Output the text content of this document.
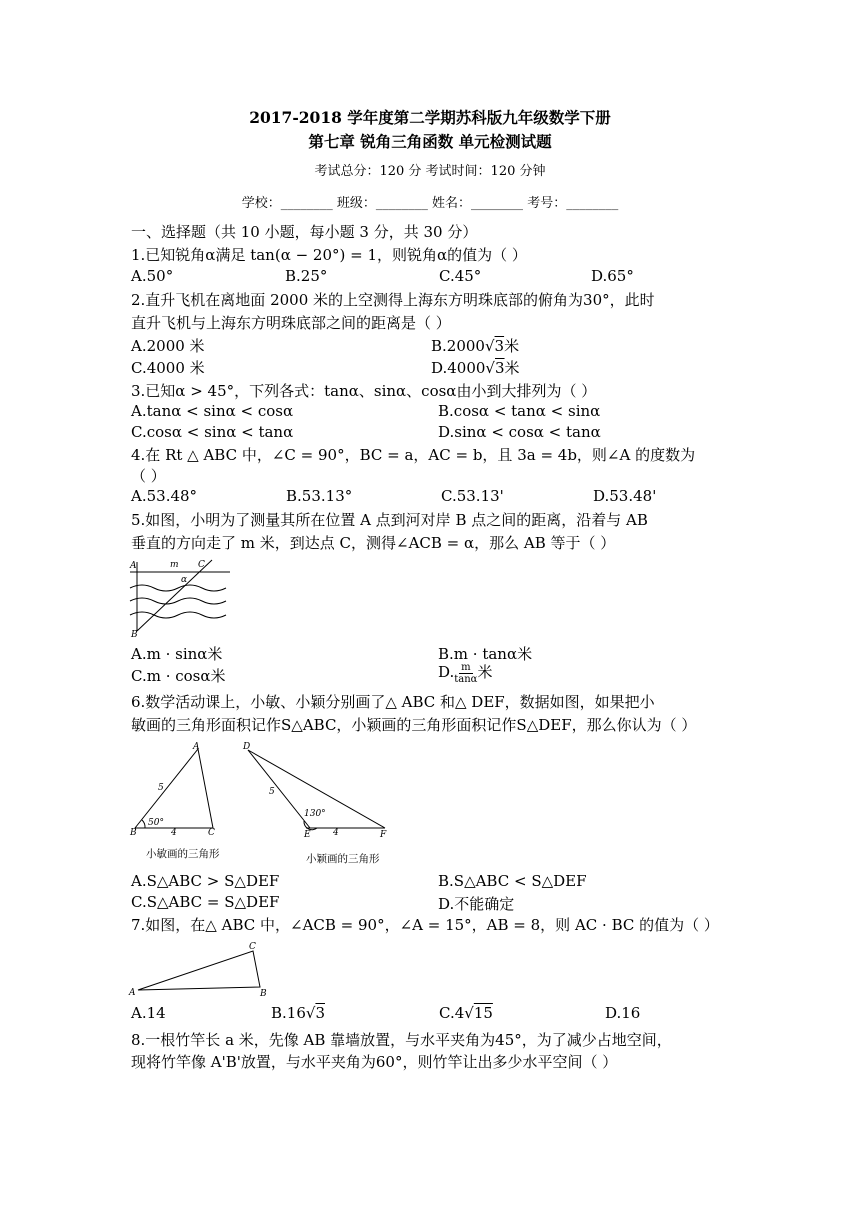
2017-2018 学年度第二学期苏科版九年级数学下册
第七章 锐角三角函数 单元检测试题
考试总分：120 分 考试时间：120 分钟
学校：________ 班级：________ 姓名：________ 考号：________
一、选择题（共 10 小题，每小题 3 分，共 30 分）
1.已知锐角α满足 tan(α − 20°) = 1，则锐角α的值为（ ）
A.50°	B.25°	C.45°	D.65°
2.直升飞机在离地面 2000 米的上空测得上海东方明珠底部的俯角为30°，此时
直升飞机与上海东方明珠底部之间的距离是（ ）
A.2000 米	B.2000√3米
C.4000 米	D.4000√3米
3.已知α > 45°，下列各式：tanα、sinα、cosα由小到大排列为（ ）
A.tanα < sinα < cosα	B.cosα < tanα < sinα
C.cosα < sinα < tanα	D.sinα < cosα < tanα
4.在 Rt △ ABC 中，∠C = 90°，BC = a，AC = b，且 3a = 4b，则∠A 的度数为
（ ）
A.53.48°	B.53.13°	C.53.13'	D.53.48'
5.如图，小明为了测量其所在位置 A 点到河对岸 B 点之间的距离，沿着与 AB
垂直的方向走了 m 米，到达点 C，测得∠ACB = α，那么 AB 等于（ ）
A	m C
α
B
A.m · sinα米	B.m · tanα米
C.m · cosα米	D. $\frac{m}{\tan\alpha}$ 米
6.数学活动课上，小敏、小颖分别画了△ ABC 和△ DEF，数据如图，如果把小
敏画的三角形面积记作S△ABC，小颖画的三角形面积记作S△DEF，那么你认为（ ）
A
5
50°
B	4	C
小敏画的三角形
D
5
130°
E 4	F
小颖画的三角形
A.S△ABC > S△DEF	B.S△ABC < S△DEF
C.S△ABC = S△DEF	D.不能确定
7.如图，在△ ABC 中，∠ACB = 90°，∠A = 15°，AB = 8，则 AC · BC 的值为（ ）
C
A	B
A.14	B.16√3	C.4√15	D.16
8.一根竹竿长 a 米，先像 AB 靠墙放置，与水平夹角为45°，为了减少占地空间，
现将竹竿像 A'B'放置，与水平夹角为60°，则竹竿让出多少水平空间（ ）
